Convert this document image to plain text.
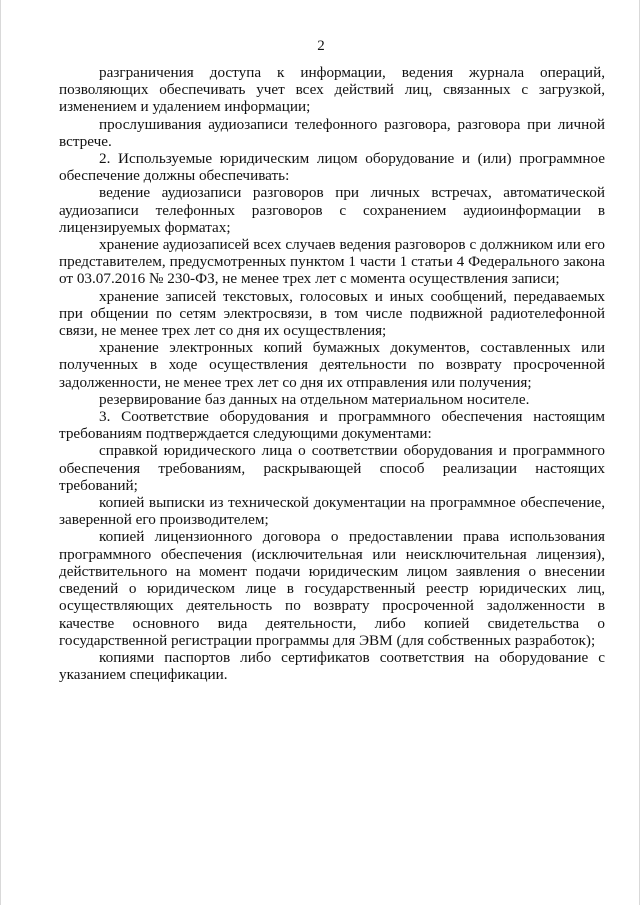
2

разграничения доступа к информации, ведения журнала операций, позволяющих обеспечивать учет всех действий лиц, связанных с загрузкой, изменением и удалением информации;

прослушивания аудиозаписи телефонного разговора, разговора при личной встрече.

2. Используемые юридическим лицом оборудование и (или) программное обеспечение должны обеспечивать:

ведение аудиозаписи разговоров при личных встречах, автоматической аудиозаписи телефонных разговоров с сохранением аудиоинформации в лицензируемых форматах;

хранение аудиозаписей всех случаев ведения разговоров с должником или его представителем, предусмотренных пунктом 1 части 1 статьи 4 Федерального закона от 03.07.2016 № 230-ФЗ, не менее трех лет с момента осуществления записи;

хранение записей текстовых, голосовых и иных сообщений, передаваемых при общении по сетям электросвязи, в том числе подвижной радиотелефонной связи, не менее трех лет со дня их осуществления;

хранение электронных копий бумажных документов, составленных или полученных в ходе осуществления деятельности по возврату просроченной задолженности, не менее трех лет со дня их отправления или получения;

резервирование баз данных на отдельном материальном носителе.

3. Соответствие оборудования и программного обеспечения настоящим требованиям подтверждается следующими документами:

справкой юридического лица о соответствии оборудования и программного обеспечения требованиям, раскрывающей способ реализации настоящих требований;

копией выписки из технической документации на программное обеспечение, заверенной его производителем;

копией лицензионного договора о предоставлении права использования программного обеспечения (исключительная или неисключительная лицензия), действительного на момент подачи юридическим лицом заявления о внесении сведений о юридическом лице в государственный реестр юридических лиц, осуществляющих деятельность по возврату просроченной задолженности в качестве основного вида деятельности, либо копией свидетельства о государственной регистрации программы для ЭВМ (для собственных разработок);

копиями паспортов либо сертификатов соответствия на оборудование с указанием спецификации.
